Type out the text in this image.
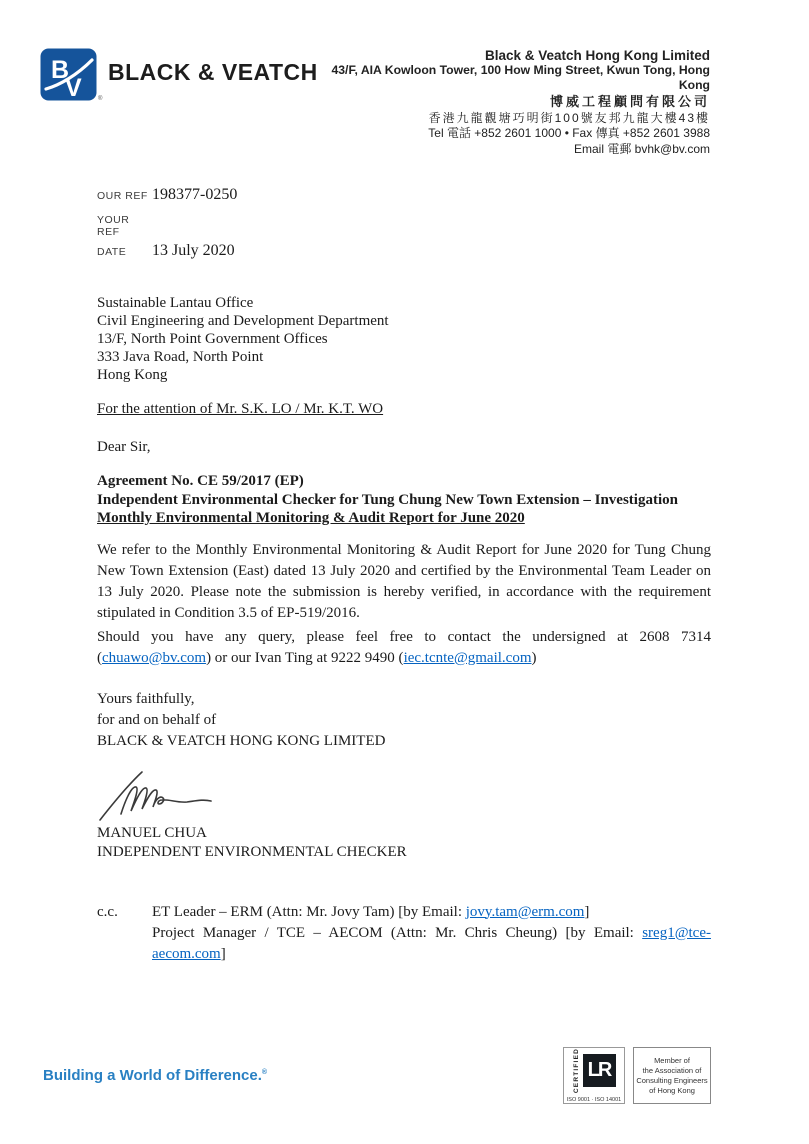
B
V	®
BLACK & VEATCH
Black & Veatch Hong Kong Limited
43/F, AIA Kowloon Tower, 100 How Ming Street, Kwun Tong, Hong Kong
博威工程顧問有限公司
香港九龍觀塘巧明街100號友邦九龍大樓43樓
Tel 電話 +852 2601 1000 • Fax 傳真 +852 2601 3988
Email 電郵 bvhk@bv.com
OUR REF 198377-0250
YOUR REF
DATE	13 July 2020
Sustainable Lantau Office
Civil Engineering and Development Department
13/F, North Point Government Offices
333 Java Road, North Point
Hong Kong
For the attention of Mr. S.K. LO / Mr. K.T. WO
Dear Sir,
Agreement No. CE 59/2017 (EP)
Independent Environmental Checker for Tung Chung New Town Extension – Investigation
Monthly Environmental Monitoring & Audit Report for June 2020
We refer to the Monthly Environmental Monitoring & Audit Report for June 2020 for Tung Chung New Town Extension (East) dated 13 July 2020 and certified by the Environmental Team Leader on 13 July 2020. Please note the submission is hereby verified, in accordance with the requirement stipulated in Condition 3.5 of EP-519/2016.
Should you have any query, please feel free to contact the undersigned at 2608 7314 (chuawo@bv.com) or our Ivan Ting at 9222 9490 (iec.tcnte@gmail.com)
Yours faithfully,
for and on behalf of
BLACK & VEATCH HONG KONG LIMITED
MANUEL CHUA
INDEPENDENT ENVIRONMENTAL CHECKER
c.c.	ET Leader – ERM (Attn: Mr. Jovy Tam) [by Email: jovy.tam@erm.com]
Project Manager / TCE – AECOM (Attn: Mr. Chris Cheung) [by Email: sreg1@tce-aecom.com]
Building a World of Difference.®	CERTIFIED LR
ISO 9001 · ISO 14001
Member of
the Association of
Consulting Engineers
of Hong Kong
